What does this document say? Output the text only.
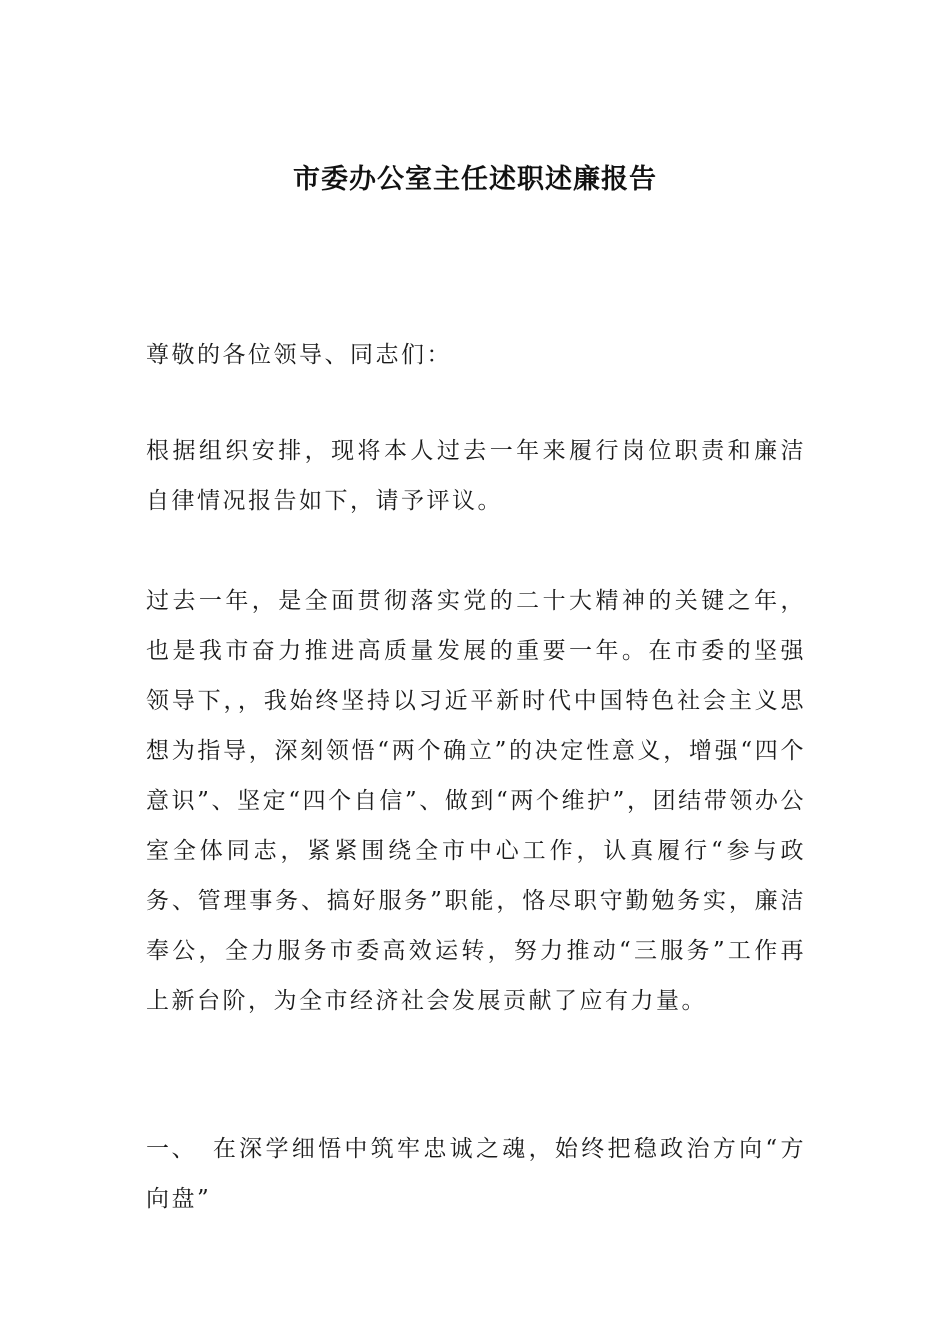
市委办公室主任述职述廉报告

尊敬的各位领导、同志们：

根据组织安排，现将本人过去一年来履行岗位职责和廉洁自律情况报告如下，请予评议。

过去一年，是全面贯彻落实党的二十大精神的关键之年，也是我市奋力推进高质量发展的重要一年。在市委的坚强领导下，，我始终坚持以习近平新时代中国特色社会主义思想为指导，深刻领悟“两个确立”的决定性意义，增强“四个意识”、坚定“四个自信”、做到“两个维护”，团结带领办公室全体同志，紧紧围绕全市中心工作，认真履行“参与政务、管理事务、搞好服务”职能，恪尽职守勤勉务实，廉洁奉公，全力服务市委高效运转，努力推动“三服务”工作再上新台阶，为全市经济社会发展贡献了应有力量。

一、 在深学细悟中筑牢忠诚之魂，始终把稳政治方向“方向盘”
